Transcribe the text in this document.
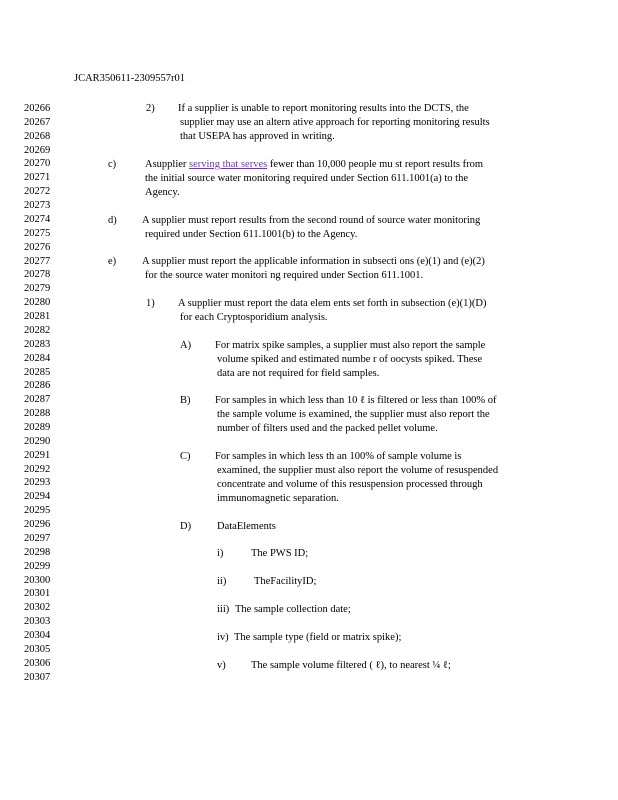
JCAR350611-2309557r01
20266
20267
20268
20269
20270
20271
20272
20273
20274
20275
20276
20277
20278
20279
20280
20281
20282
20283
20284
20285
20286
20287
20288
20289
20290
20291
20292
20293
20294
20295
20296
20297
20298
20299
20300
20301
20302
20303
20304
20305
20306
20307
2) If a supplier is unable to report monitoring results into the DCTS, the
supplier may use an altern ative approach for reporting monitoring results
that USEPA has approved in writing.
c)	Asupplier serving that serves fewer than 10,000 people mu st report results from
the initial source water monitoring required under Section 611.1001(a) to the
Agency.
d) A supplier must report results from the second round of source water monitoring
required under Section 611.1001(b) to the Agency.
e) A supplier must report the applicable information in subsecti ons (e)(1) and (e)(2)
for the source water monitori ng required under Section 611.1001.
1) A supplier must report the data elem ents set forth in subsection (e)(1)(D)
for each Cryptosporidium analysis.
A) For matrix spike samples, a supplier must also report the sample
volume spiked and estimated numbe r of oocysts spiked. These
data are not required for field samples.
B) For samples in which less than 10 ℓ is filtered or less than 100% of
the sample volume is examined, the supplier must also report the
number of filters used and the packed pellet volume.
C) For samples in which less th an 100% of sample volume is
examined, the supplier must also report the volume of resuspended
concentrate and volume of this resuspension processed through
immunomagnetic separation.
D) DataElements
i)	The PWS ID;
ii)	TheFacilityID;
iii) The sample collection date;
iv) The sample type (field or matrix spike);
v) The sample volume filtered ( ℓ), to nearest ¼ ℓ;
